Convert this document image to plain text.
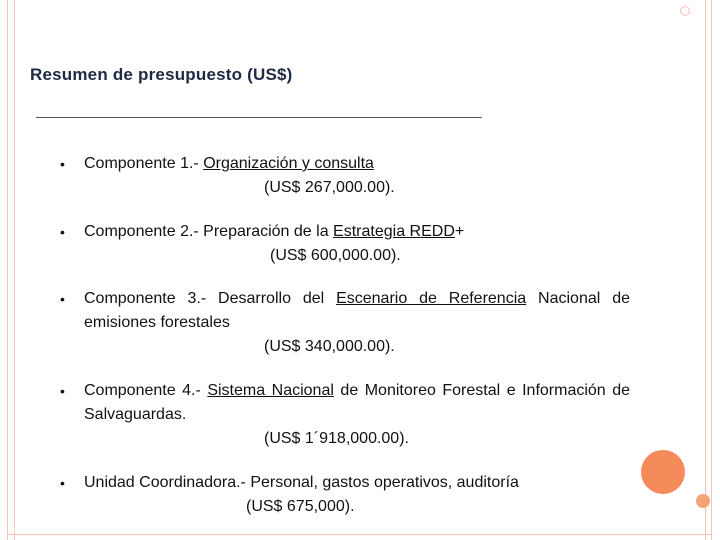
Resumen de presupuesto (US$)
• Componente 1.- Organización y consulta
(US$ 267,000.00).
• Componente 2.- Preparación de la Estrategia REDD+
(US$ 600,000.00).
• Componente 3.- Desarrollo del Escenario de Referencia Nacional de emisiones forestales
(US$ 340,000.00).
• Componente 4.- Sistema Nacional de Monitoreo Forestal e Información de Salvaguardas.
(US$ 1´918,000.00).
• Unidad Coordinadora.- Personal, gastos operativos, auditoría
(US$ 675,000).
